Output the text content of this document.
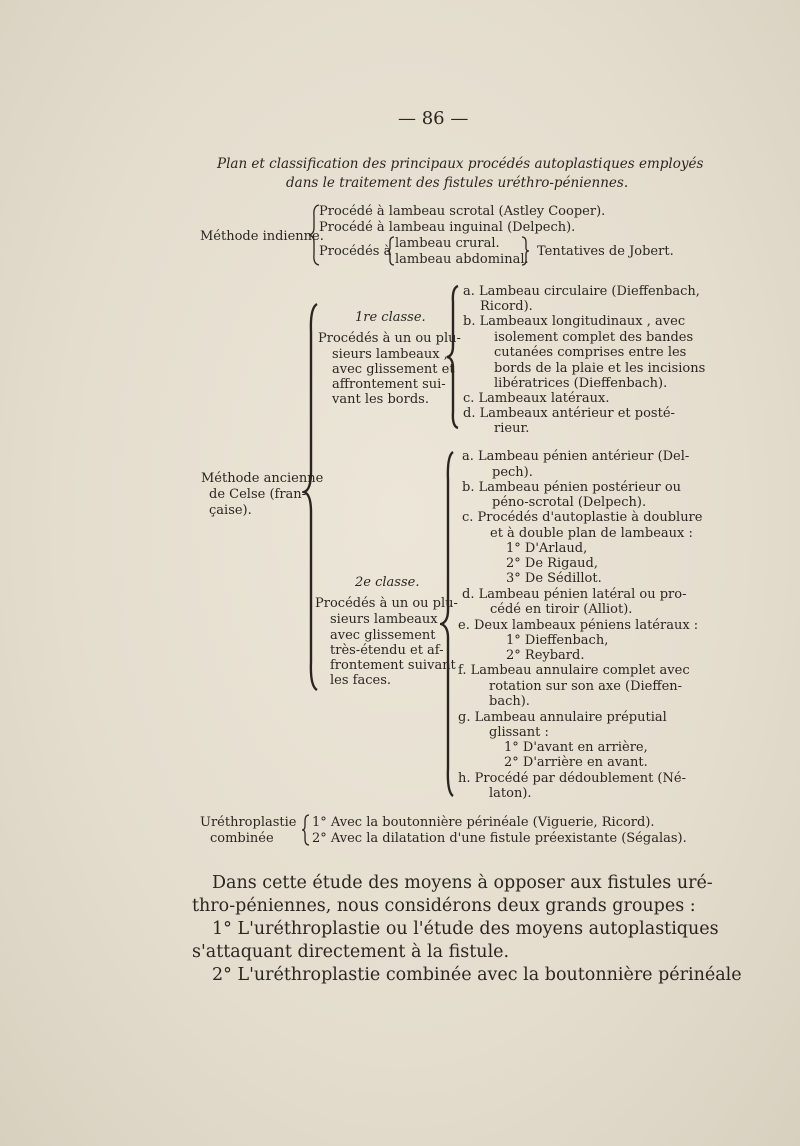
— 86 —
Plan et classification des principaux procédés autoplastiques employés
dans le traitement des fistules uréthro-péniennes.
Méthode indienne.
Procédé à lambeau scrotal (Astley Cooper).
Procédé à lambeau inguinal (Delpech).
Procédés à
lambeau crural.
lambeau abdominal.
Tentatives de Jobert.
Méthode ancienne
de Celse (fran-
çaise).
1re classe.
Procédés à un ou plu-
sieurs lambeaux ,
avec glissement et
affrontement sui-
vant les bords.
a. Lambeau circulaire (Dieffenbach,
Ricord).
b. Lambeaux longitudinaux , avec
isolement complet des bandes
cutanées comprises entre les
bords de la plaie et les incisions
libératrices (Dieffenbach).
c. Lambeaux latéraux.
d. Lambeaux antérieur et posté-
rieur.
2e classe.
Procédés à un ou plu-
sieurs lambeaux ,
avec glissement
très-étendu et af-
frontement suivant
les faces.
a. Lambeau pénien antérieur (Del-
pech).
b. Lambeau pénien postérieur ou
péno-scrotal (Delpech).
c. Procédés d'autoplastie à doublure
et à double plan de lambeaux :
1° D'Arlaud,
2° De Rigaud,
3° De Sédillot.
d. Lambeau pénien latéral ou pro-
cédé en tiroir (Alliot).
e. Deux lambeaux péniens latéraux :
1° Dieffenbach,
2° Reybard.
f. Lambeau annulaire complet avec
rotation sur son axe (Dieffen-
bach).
g. Lambeau annulaire préputial
glissant :
1° D'avant en arrière,
2° D'arrière en avant.
h. Procédé par dédoublement (Né-
laton).
Uréthroplastie
combinée
1° Avec la boutonnière périnéale (Viguerie, Ricord).
2° Avec la dilatation d'une fistule préexistante (Ségalas).
Dans cette étude des moyens à opposer aux fistules uré-
thro-péniennes, nous considérons deux grands groupes :
1° L'uréthroplastie ou l'étude des moyens autoplastiques
s'attaquant directement à la fistule.
2° L'uréthroplastie combinée avec la boutonnière périnéale
